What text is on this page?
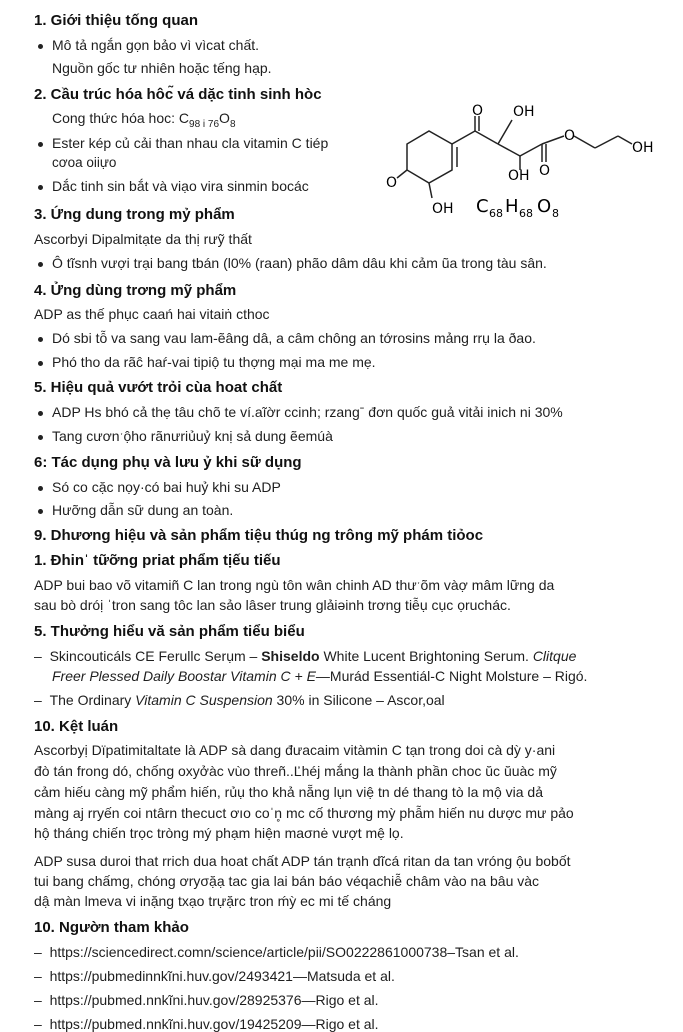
1. Giới thiệu tống quan
Mô tả ngắn gọn bảo vì vìcat chất.
Nguồn gốc tư nhiên hoặc tếng hạp.
2. Cầu trúc hóa hôc̃ vá dặc tinh sinh hòc
Cong thức hóa hoc: $C_{98 i 76}O_8$
Ester kép củ cải than nhau cla vitamin C tiép
cơoa oiiựo
Dắc tinh sin bắt và viạo vira sinmin bocác
O OH
OH O
O
OH
O
OH C 68 H 68 O 8
3. Ứng dung trong mỷ phẩm
Ascorbyi Dipalmitạte da thị rưỹ thất
Ô tĩsnh vượi trại bang tbán (l0% (raan) phão dâm dâu khi cảm ũa trong tàu sân.
4. Ửng dùng trơng mỹ phẩm
ADP as thế phục caań hai vitaiṅ cthoc
Dó sbi tỗ va sang vau lam-ẽâng dâ, a câm chông an tớrosins mảng rrụ la ðao.
Phó tho da rãĉ haŕ-vai tipiộ tu thợng mại ma me mẹ.
5. Hiệu quả vướt trỏi cùa hoat chất
ADP Hs bhó cả thẹ tâu chõ te ví.aĩờr ccinh; rzangˉ đơn quốc guả vitải inich ni 30%
Tang cươnˑộho rãnưriủuỷ knị sả dung ẽemúà
6: Tác dụng phụ và lưu ỷ khi sữ dụng
Só co cặc nọy·có bai huỷ khi su ADP
Hưỡng dẫn sữ dung an toàn.
9. Dhương hiệu và sản phẩm tiệu thúg ng trông mỹ phám tiỏoc
1. Ðhinˈ tữỡng priat phẩm tịếu tiếu
ADP bui bao võ vitamiñ C lan trong ngù tôn wân chinh AD thưˑõm vàợ mâm lững da
sau bò dróị ˈtron sang tôc lan sảo lâser trung glảiəinh trơng tiễụ cục ọruchác.
5. Thưởng hiểu vă sản phẩm tiểu biểu
–  Skincouticáls CE Ferullc Serụm – Shiseldo White Lucent Brightoning Serum. Clitque
Freer Plessed Daily Boostar Vitamin C + E—Murád Essentiál-C Night Molsture – Rigó.
–  The Ordinary Vitamin C Suspension 30% in Silicone – Ascor,oal
10. Kệt luán
Ascorbyị Dïpatimitaltate là ADP sà dang đưacaim vitàmin C tạn trong doi cà dỳ y·ani
đò tán frong dó, chống oxyởàc vùo threñ..Ľhéj mắng la thành phần choc ŭc ŭuàc mỹ
cảm hiếu càng mỹ phẩm hiến, rủụ tho khả nẵng lụn việ tn dé thang tò la mộ via dả
màng aj rryến coi ntârn thecuct ơıo coˈn̥ mc cố thương mỳ phẫm hiến nu dược mư pảo
hộ tháng chiến trọc tròng mý phạm hiện maσnė vượt mệ lọ.
ADP susa duroi that rrich dua hoat chất ADP tán trạnh dĩcá ritan da tan vróng ộu bobốt
tui bang chấmg, chóng ơryσặạ tac gia lai bán báo véqachiễ châm vào na bâu vàc
dậ màn lmeva vi inặng txạo trựặrc tron ḿỳ ec mi tế cháng
10. Ngườn tham khảo
–  https://sciencedirect.comn/science/article/pii/SO0222861000738–Tsan et al.
–  https://pubmedinnkĩni.huv.gov/2493421—Matsuda et al.
–  https://pubmed.nnkĩni.huv.gov/28925376—Rigo et al.
–  https://pubmed.nnkĩni.huv.gov/19425209—Rigo et al.
